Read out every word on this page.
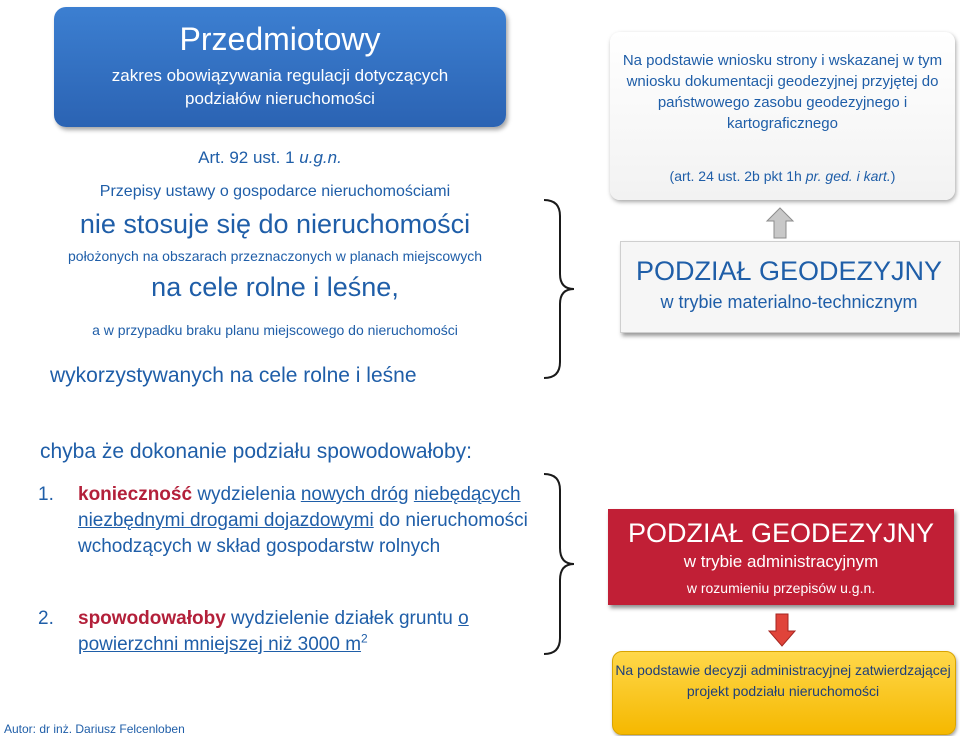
Przedmiotowy
zakres obowiązywania regulacji dotyczących
podziałów nieruchomości
Art. 92 ust. 1 u.g.n.
Przepisy ustawy o gospodarce nieruchomościami
nie stosuje się do nieruchomości
położonych na obszarach przeznaczonych w planach miejscowych
na cele rolne i leśne,
a w przypadku braku planu miejscowego do nieruchomości
wykorzystywanych na cele rolne i leśne
chyba że dokonanie podziału spowodowałoby:
1. konieczność wydzielenia nowych dróg niebędących niezbędnymi drogami dojazdowymi do nieruchomości wchodzących w skład gospodarstw rolnych
2. spowodowałoby wydzielenie działek gruntu o powierzchni mniejszej niż 3000 $m^2$
Autor: dr inż. Dariusz Felcenloben
Na podstawie wniosku strony i wskazanej w tym wniosku dokumentacji geodezyjnej przyjętej do państwowego zasobu geodezyjnego i kartograficznego
(art. 24 ust. 2b pkt 1h pr. ged. i kart.)
PODZIAŁ GEODEZYJNY
w trybie materialno-technicznym
PODZIAŁ GEODEZYJNY
w trybie administracyjnym
w rozumieniu przepisów u.g.n.
Na podstawie decyzji administracyjnej zatwierdzającej projekt podziału nieruchomości
